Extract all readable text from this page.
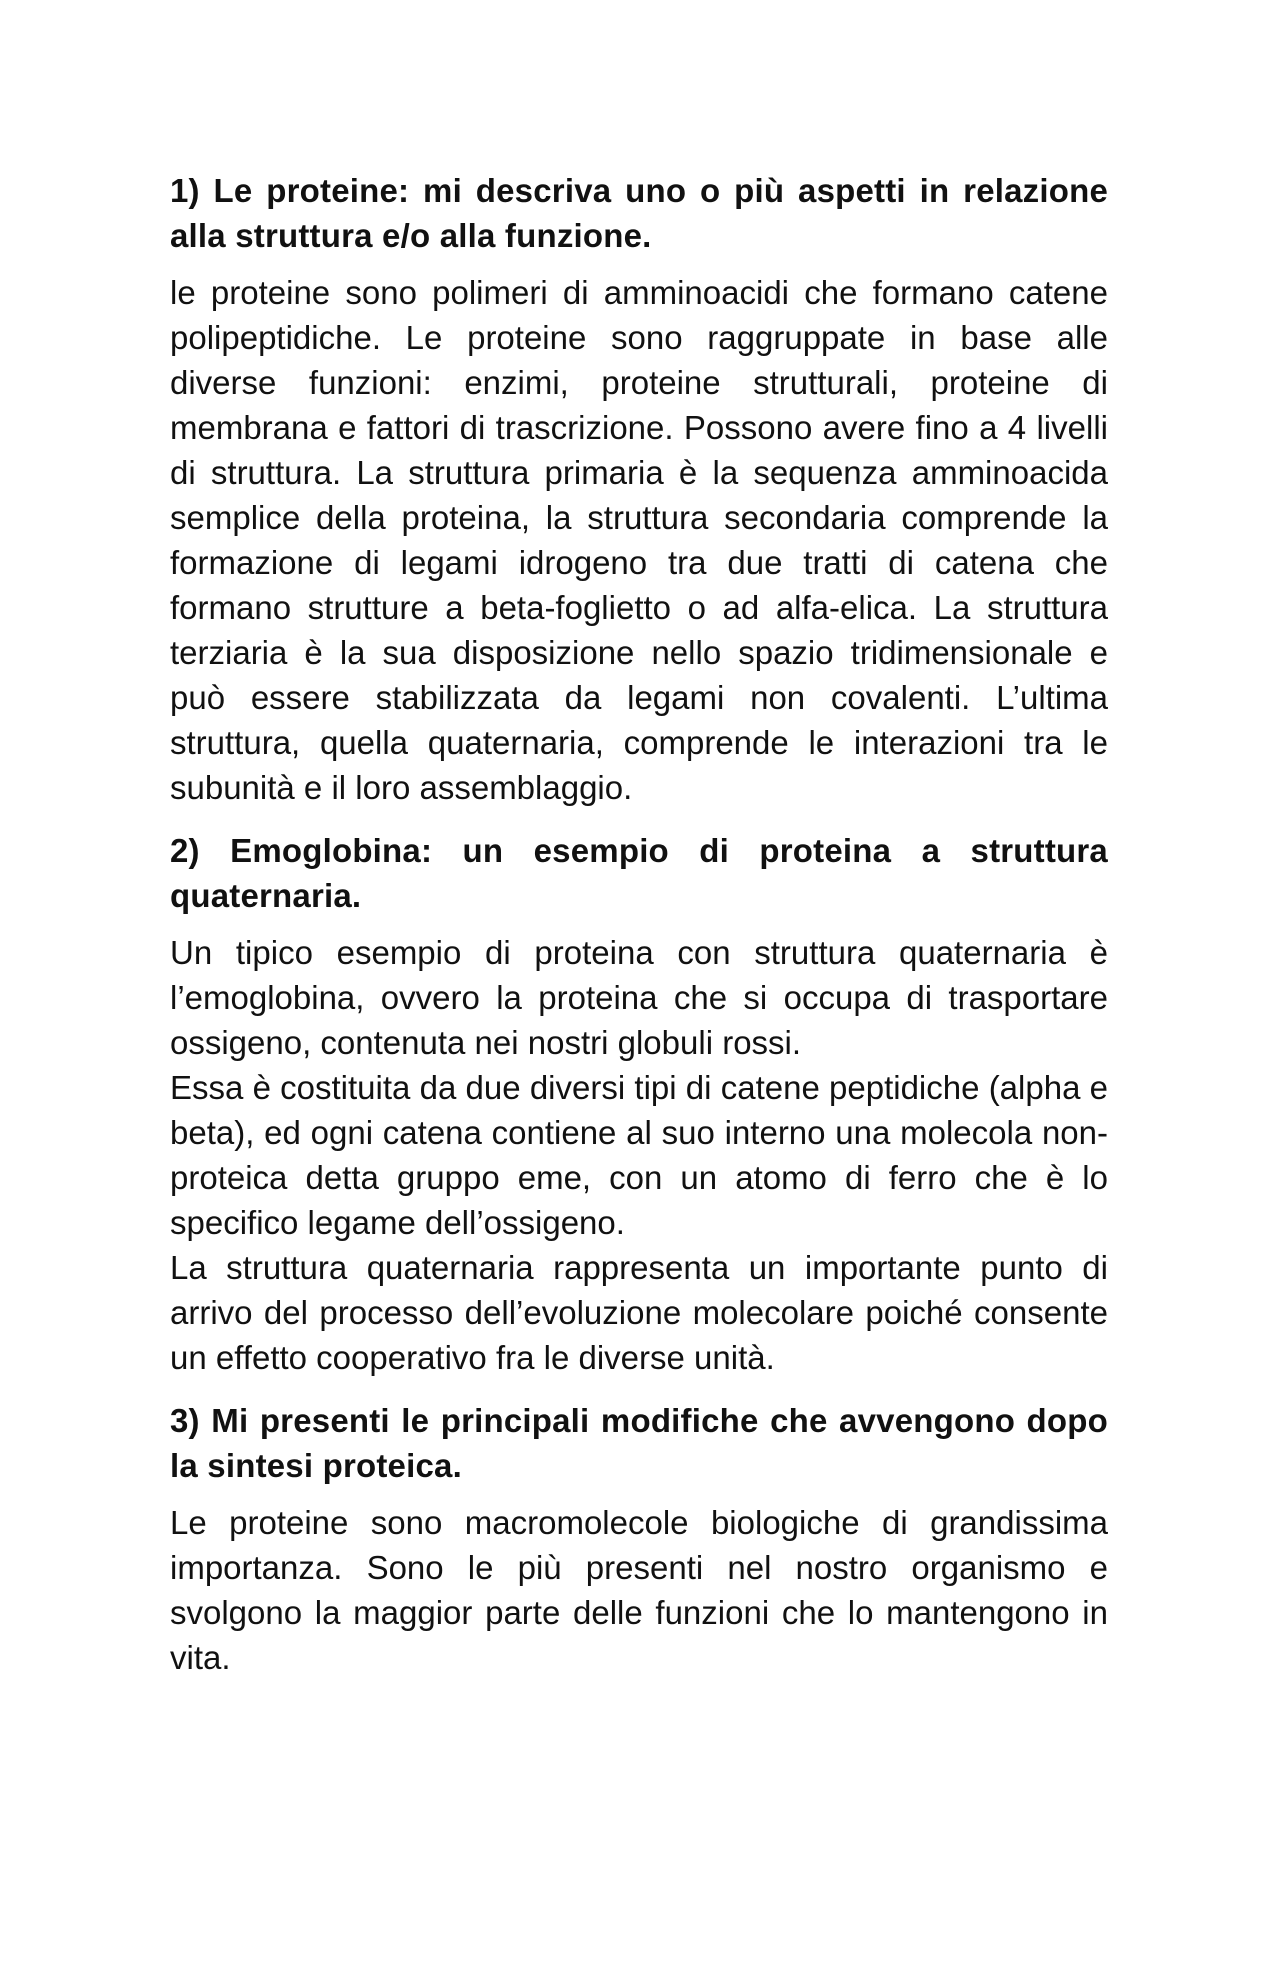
1) Le proteine: mi descriva uno o più aspetti in relazione alla struttura e/o alla funzione.

le proteine sono polimeri di amminoacidi che formano catene polipeptidiche. Le proteine sono raggruppate in base alle diverse funzioni: enzimi, proteine strutturali, proteine di membrana e fattori di trascrizione. Possono avere fino a 4 livelli di struttura. La struttura primaria è la sequenza amminoacida semplice della proteina, la struttura secondaria comprende la formazione di legami idrogeno tra due tratti di catena che formano strutture a beta-foglietto o ad alfa-elica. La struttura terziaria è la sua disposizione nello spazio tridimensionale e può essere stabilizzata da legami non covalenti. L’ultima struttura, quella quaternaria, comprende le interazioni tra le subunità e il loro assemblaggio.

2) Emoglobina: un esempio di proteina a struttura quaternaria.

Un tipico esempio di proteina con struttura quaternaria è l’emoglobina, ovvero la proteina che si occupa di trasportare ossigeno, contenuta nei nostri globuli rossi.

Essa è costituita da due diversi tipi di catene peptidiche (alpha e beta), ed ogni catena contiene al suo interno una molecola non-proteica detta gruppo eme, con un atomo di ferro che è lo specifico legame dell’ossigeno.

La struttura quaternaria rappresenta un importante punto di arrivo del processo dell’evoluzione molecolare poiché consente un effetto cooperativo fra le diverse unità.

3) Mi presenti le principali modifiche che avvengono dopo la sintesi proteica.

Le proteine sono macromolecole biologiche di grandissima importanza. Sono le più presenti nel nostro organismo e svolgono la maggior parte delle funzioni che lo mantengono in vita.
